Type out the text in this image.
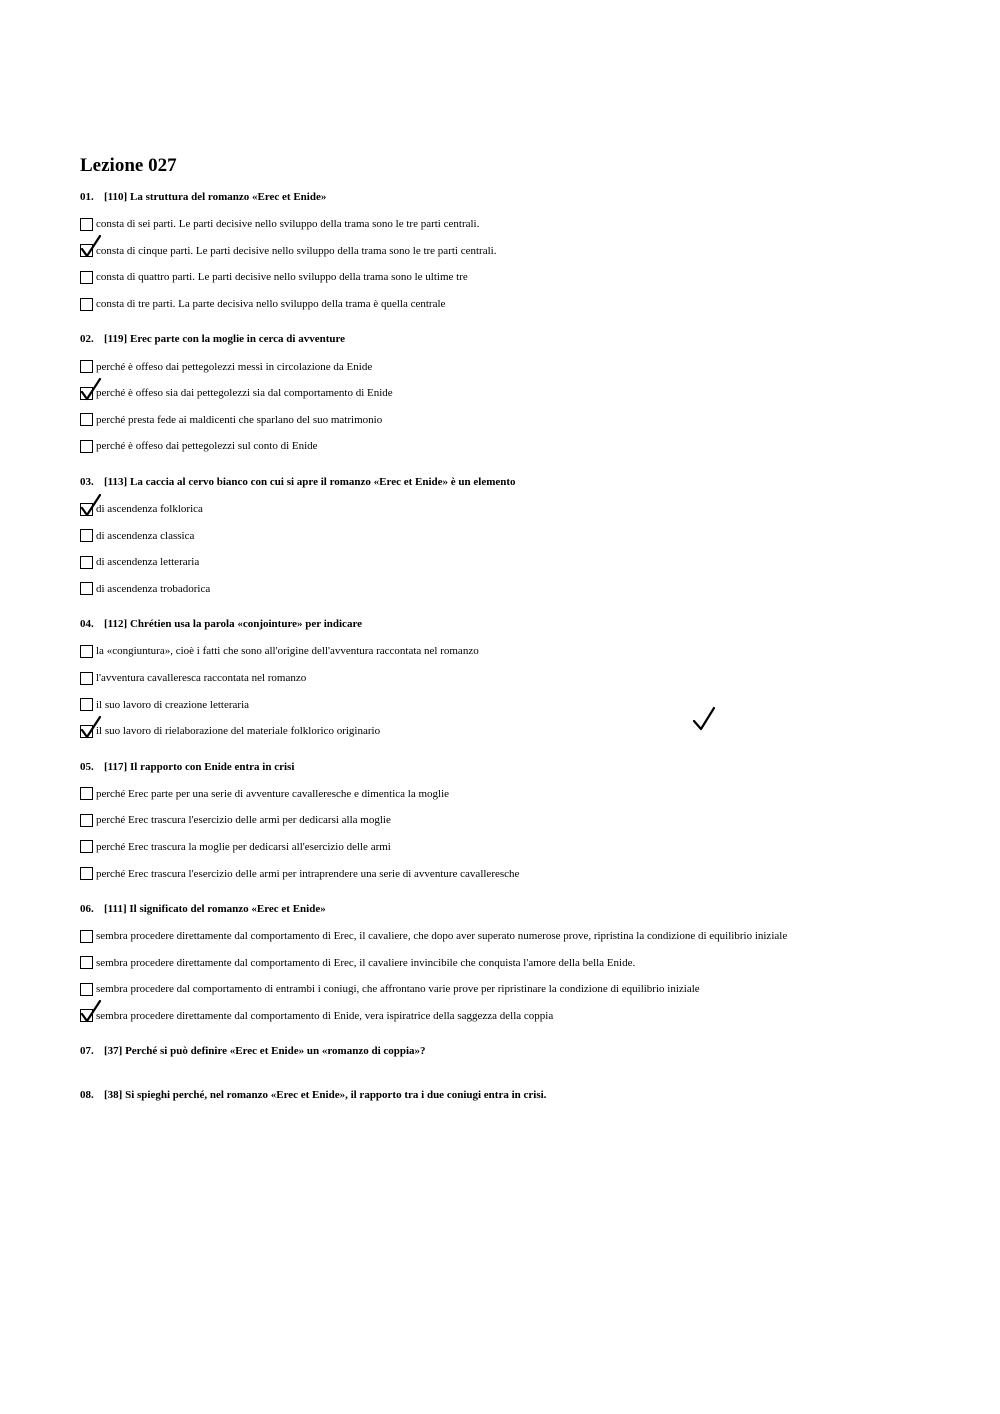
Lezione 027
01. [110] La struttura del romanzo «Erec et Enide»
consta di sei parti. Le parti decisive nello sviluppo della trama sono le tre parti centrali.
consta di cinque parti. Le parti decisive nello sviluppo della trama sono le tre parti centrali.
consta di quattro parti. Le parti decisive nello sviluppo della trama sono le ultime tre
consta di tre parti. La parte decisiva nello sviluppo della trama è quella centrale
02. [119] Erec parte con la moglie in cerca di avventure
perché è offeso dai pettegolezzi messi in circolazione da Enide
perché è offeso sia dai pettegolezzi sia dal comportamento di Enide
perché presta fede ai maldicenti che sparlano del suo matrimonio
perché è offeso dai pettegolezzi sul conto di Enide
03. [113] La caccia al cervo bianco con cui si apre il romanzo «Erec et Enide» è un elemento
di ascendenza folklorica
di ascendenza classica
di ascendenza letteraria
di ascendenza trobadorica
04. [112] Chrétien usa la parola «conjointure» per indicare
la «congiuntura», cioè i fatti che sono all'origine dell'avventura raccontata nel romanzo
l'avventura cavalleresca raccontata nel romanzo
il suo lavoro di creazione letteraria
il suo lavoro di rielaborazione del materiale folklorico originario
05. [117] Il rapporto con Enide entra in crisi
perché Erec parte per una serie di avventure cavalleresche e dimentica la moglie
perché Erec trascura l'esercizio delle armi per dedicarsi alla moglie
perché Erec trascura la moglie per dedicarsi all'esercizio delle armi
perché Erec trascura l'esercizio delle armi per intraprendere una serie di avventure cavalleresche
06. [111] Il significato del romanzo «Erec et Enide»
sembra procedere direttamente dal comportamento di Erec, il cavaliere, che dopo aver superato numerose prove, ripristina la condizione di equilibrio iniziale
sembra procedere direttamente dal comportamento di Erec, il cavaliere invincibile che conquista l'amore della bella Enide.
sembra procedere dal comportamento di entrambi i coniugi, che affrontano varie prove per ripristinare la condizione di equilibrio iniziale
sembra procedere direttamente dal comportamento di Enide, vera ispiratrice della saggezza della coppia
07. [37] Perché si può definire «Erec et Enide» un «romanzo di coppia»?
08. [38] Si spieghi perché, nel romanzo «Erec et Enide», il rapporto tra i due coniugi entra in crisi.
